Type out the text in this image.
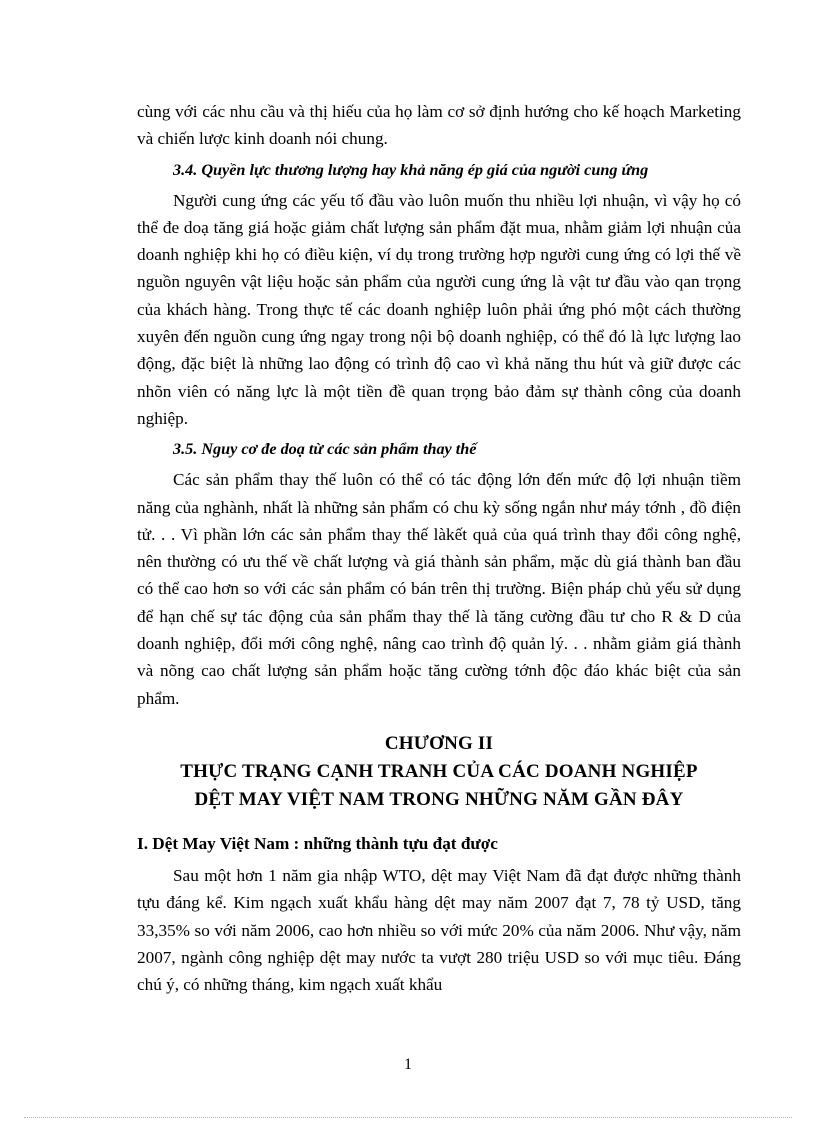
cùng với các nhu cầu và thị hiếu của họ làm cơ sở định hướng cho kế hoạch Marketing và chiến lược kinh doanh nói chung.

3.4. Quyền lực thương lượng hay khả năng ép giá của người cung ứng

Người cung ứng các yếu tố đầu vào luôn muốn thu nhiều lợi nhuận, vì vậy họ có thể đe doạ tăng giá hoặc giảm chất lượng sản phẩm đặt mua, nhằm giảm lợi nhuận của doanh nghiệp khi họ có điều kiện, ví dụ trong trường hợp người cung ứng có lợi thế về nguồn nguyên vật liệu hoặc sản phẩm của người cung ứng là vật tư đầu vào qan trọng của khách hàng. Trong thực tế các doanh nghiệp luôn phải ứng phó một cách thường xuyên đến nguồn cung ứng ngay trong nội bộ doanh nghiệp, có thể đó là lực lượng lao động, đặc biệt là những lao động có trình độ cao vì khả năng thu hút và giữ được các nhõn viên có năng lực là một tiền đề quan trọng bảo đảm sự thành công của doanh nghiệp.

3.5. Nguy cơ đe doạ từ các sản phẩm thay thế

Các sản phẩm thay thế luôn có thể có tác động lớn đến mức độ lợi nhuận tiềm năng của nghành, nhất là những sản phẩm có chu kỳ sống ngắn như máy tớnh , đồ điện tử. . . Vì phần lớn các sản phẩm thay thế làkết quả của quá trình thay đổi công nghệ, nên thường có ưu thế về chất lượng và giá thành sản phẩm, mặc dù giá thành ban đầu có thể cao hơn so với các sản phẩm có bán trên thị trường. Biện pháp chủ yếu sử dụng để hạn chế sự tác động của sản phẩm thay thế là tăng cường đầu tư cho R & D của doanh nghiệp, đổi mới công nghệ, nâng cao trình độ quản lý. . . nhằm giảm giá thành và nõng cao chất lượng sản phẩm hoặc tăng cường tớnh độc đáo khác biệt của sản phẩm.

CHƯƠNG II
THỰC TRẠNG CẠNH TRANH CỦA CÁC DOANH NGHIỆP
DỆT MAY VIỆT NAM TRONG NHỮNG NĂM GẦN ĐÂY
I. Dệt May Việt Nam : những thành tựu đạt được

Sau một hơn 1 năm gia nhập WTO, dệt may Việt Nam đã đạt được những thành tựu đáng kể. Kim ngạch xuất khẩu hàng dệt may năm 2007 đạt 7, 78 tỷ USD, tăng 33,35% so với năm 2006, cao hơn nhiều so với mức 20% của năm 2006. Như vậy, năm 2007, ngành công nghiệp dệt may nước ta vượt 280 triệu USD so với mục tiêu. Đáng chú ý, có những tháng, kim ngạch xuất khẩu

1
